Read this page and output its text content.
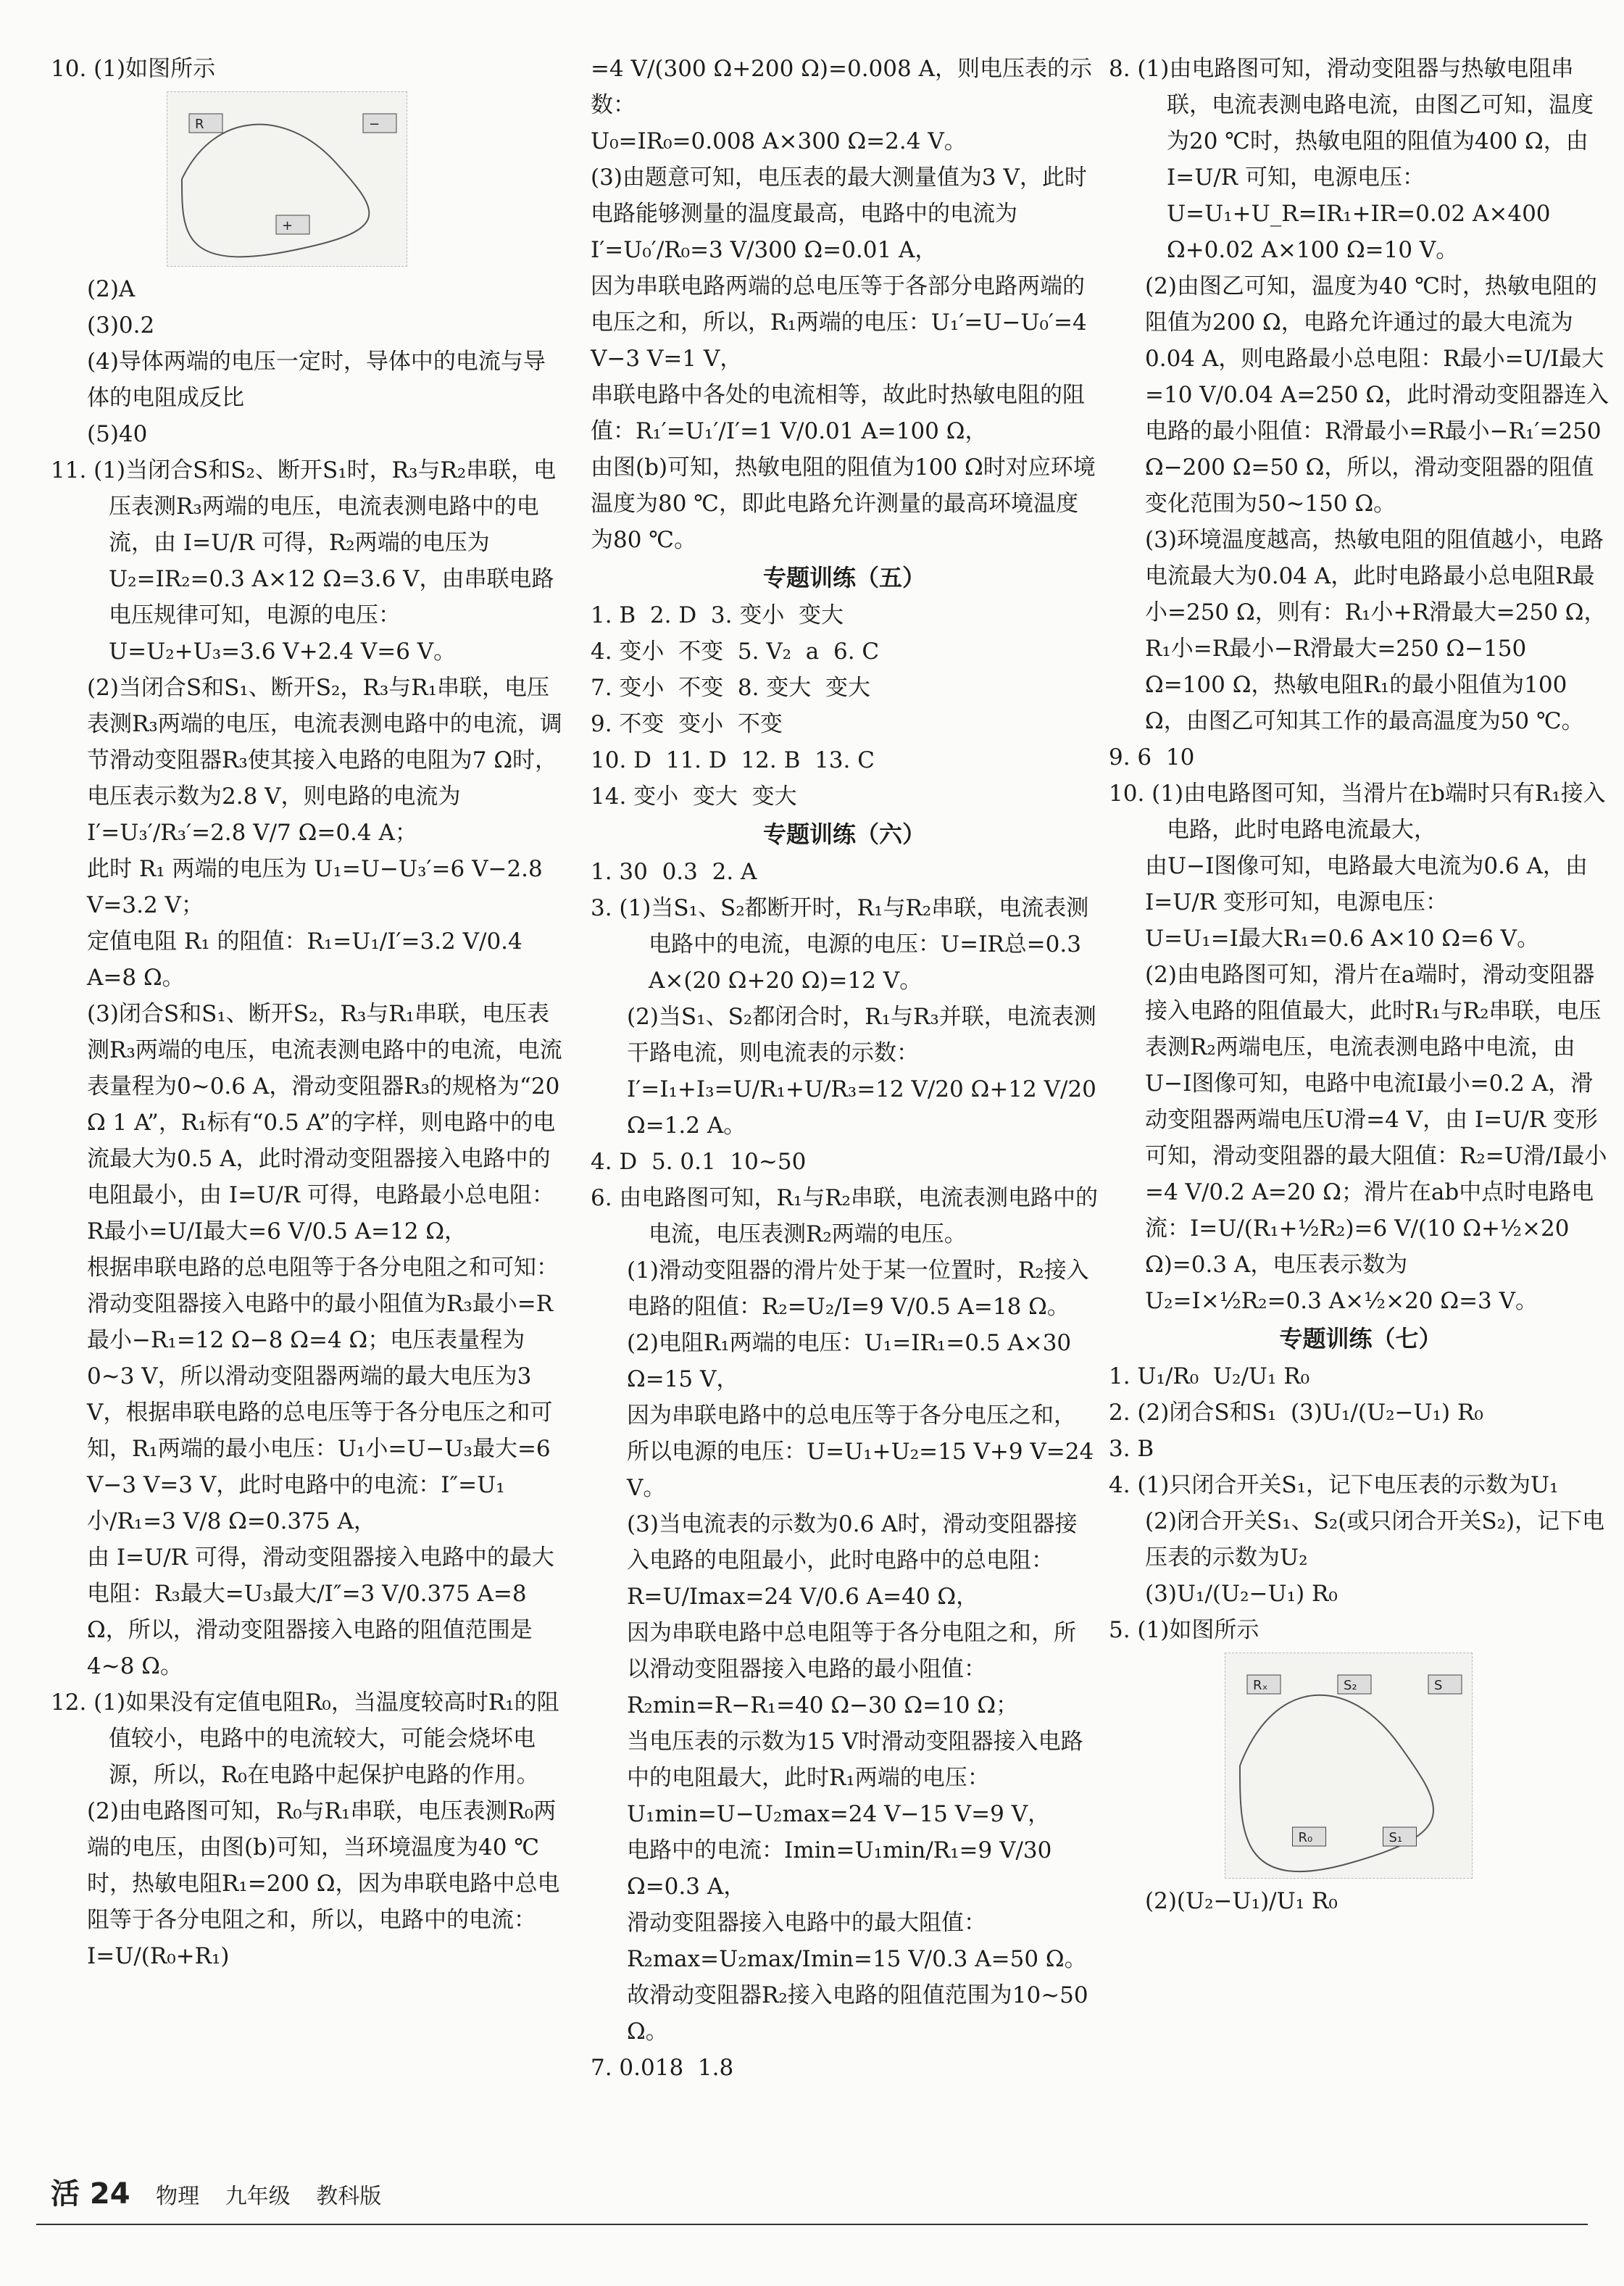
10. (1)如图所示

R
+
−

(2)A

(3)0.2

(4)导体两端的电压一定时，导体中的电流与导体的电阻成反比

(5)40

11. (1)当闭合S和S₂、断开S₁时，R₃与R₂串联，电压表测R₃两端的电压，电流表测电路中的电流，由 I=U/R 可得，R₂两端的电压为U₂=IR₂=0.3 A×12 Ω=3.6 V，由串联电路电压规律可知，电源的电压：U=U₂+U₃=3.6 V+2.4 V=6 V。

(2)当闭合S和S₁、断开S₂，R₃与R₁串联，电压表测R₃两端的电压，电流表测电路中的电流，调节滑动变阻器R₃使其接入电路的电阻为7 Ω时，电压表示数为2.8 V，则电路的电流为 I′=U₃′/R₃′=2.8 V/7 Ω=0.4 A；

此时 R₁ 两端的电压为 U₁=U−U₃′=6 V−2.8 V=3.2 V；

定值电阻 R₁ 的阻值：R₁=U₁/I′=3.2 V/0.4 A=8 Ω。

(3)闭合S和S₁、断开S₂，R₃与R₁串联，电压表测R₃两端的电压，电流表测电路中的电流，电流表量程为0~0.6 A，滑动变阻器R₃的规格为“20 Ω 1 A”，R₁标有“0.5 A”的字样，则电路中的电流最大为0.5 A，此时滑动变阻器接入电路中的电阻最小，由 I=U/R 可得，电路最小总电阻：R最小=U/I最大=6 V/0.5 A=12 Ω，

根据串联电路的总电阻等于各分电阻之和可知：滑动变阻器接入电路中的最小阻值为R₃最小=R最小−R₁=12 Ω−8 Ω=4 Ω；电压表量程为0~3 V，所以滑动变阻器两端的最大电压为3 V，根据串联电路的总电压等于各分电压之和可知，R₁两端的最小电压：U₁小=U−U₃最大=6 V−3 V=3 V，此时电路中的电流：I″=U₁小/R₁=3 V/8 Ω=0.375 A，

由 I=U/R 可得，滑动变阻器接入电路中的最大电阻：R₃最大=U₃最大/I″=3 V/0.375 A=8 Ω，所以，滑动变阻器接入电路的阻值范围是4~8 Ω。

12. (1)如果没有定值电阻R₀，当温度较高时R₁的阻值较小，电路中的电流较大，可能会烧坏电源，所以，R₀在电路中起保护电路的作用。

(2)由电路图可知，R₀与R₁串联，电压表测R₀两端的电压，由图(b)可知，当环境温度为40 ℃时，热敏电阻R₁=200 Ω，因为串联电路中总电阻等于各分电阻之和，所以，电路中的电流：I=U/(R₀+R₁)

=4 V/(300 Ω+200 Ω)=0.008 A，则电压表的示数：

U₀=IR₀=0.008 A×300 Ω=2.4 V。

(3)由题意可知，电压表的最大测量值为3 V，此时电路能够测量的温度最高，电路中的电流为 I′=U₀′/R₀=3 V/300 Ω=0.01 A，

因为串联电路两端的总电压等于各部分电路两端的电压之和，所以，R₁两端的电压：U₁′=U−U₀′=4 V−3 V=1 V，

串联电路中各处的电流相等，故此时热敏电阻的阻值：R₁′=U₁′/I′=1 V/0.01 A=100 Ω，

由图(b)可知，热敏电阻的阻值为100 Ω时对应环境温度为80 ℃，即此电路允许测量的最高环境温度为80 ℃。

专题训练（五）

1. B  2. D  3. 变小  变大

4. 变小  不变  5. V₂  a  6. C

7. 变小  不变  8. 变大  变大

9. 不变  变小  不变

10. D  11. D  12. B  13. C

14. 变小  变大  变大

专题训练（六）

1. 30  0.3  2. A

3. (1)当S₁、S₂都断开时，R₁与R₂串联，电流表测电路中的电流，电源的电压：U=IR总=0.3 A×(20 Ω+20 Ω)=12 V。

(2)当S₁、S₂都闭合时，R₁与R₃并联，电流表测干路电流，则电流表的示数：I′=I₁+I₃=U/R₁+U/R₃=12 V/20 Ω+12 V/20 Ω=1.2 A。

4. D  5. 0.1  10~50

6. 由电路图可知，R₁与R₂串联，电流表测电路中的电流，电压表测R₂两端的电压。

(1)滑动变阻器的滑片处于某一位置时，R₂接入电路的阻值：R₂=U₂/I=9 V/0.5 A=18 Ω。

(2)电阻R₁两端的电压：U₁=IR₁=0.5 A×30 Ω=15 V，

因为串联电路中的总电压等于各分电压之和，所以电源的电压：U=U₁+U₂=15 V+9 V=24 V。

(3)当电流表的示数为0.6 A时，滑动变阻器接入电路的电阻最小，此时电路中的总电阻：R=U/Imax=24 V/0.6 A=40 Ω，

因为串联电路中总电阻等于各分电阻之和，所以滑动变阻器接入电路的最小阻值：R₂min=R−R₁=40 Ω−30 Ω=10 Ω；

当电压表的示数为15 V时滑动变阻器接入电路中的电阻最大，此时R₁两端的电压：U₁min=U−U₂max=24 V−15 V=9 V，

电路中的电流：Imin=U₁min/R₁=9 V/30 Ω=0.3 A，

滑动变阻器接入电路中的最大阻值：R₂max=U₂max/Imin=15 V/0.3 A=50 Ω。故滑动变阻器R₂接入电路的阻值范围为10~50 Ω。

7. 0.018  1.8

8. (1)由电路图可知，滑动变阻器与热敏电阻串联，电流表测电路电流，由图乙可知，温度为20 ℃时，热敏电阻的阻值为400 Ω，由 I=U/R 可知，电源电压：U=U₁+U_R=IR₁+IR=0.02 A×400 Ω+0.02 A×100 Ω=10 V。

(2)由图乙可知，温度为40 ℃时，热敏电阻的阻值为200 Ω，电路允许通过的最大电流为0.04 A，则电路最小总电阻：R最小=U/I最大=10 V/0.04 A=250 Ω，此时滑动变阻器连入电路的最小阻值：R滑最小=R最小−R₁′=250 Ω−200 Ω=50 Ω，所以，滑动变阻器的阻值变化范围为50~150 Ω。

(3)环境温度越高，热敏电阻的阻值越小，电路电流最大为0.04 A，此时电路最小总电阻R最小=250 Ω，则有：R₁小+R滑最大=250 Ω，R₁小=R最小−R滑最大=250 Ω−150 Ω=100 Ω，热敏电阻R₁的最小阻值为100 Ω，由图乙可知其工作的最高温度为50 ℃。

9. 6  10

10. (1)由电路图可知，当滑片在b端时只有R₁接入电路，此时电路电流最大，

由U−I图像可知，电路最大电流为0.6 A，由 I=U/R 变形可知，电源电压：

U=U₁=I最大R₁=0.6 A×10 Ω=6 V。

(2)由电路图可知，滑片在a端时，滑动变阻器接入电路的阻值最大，此时R₁与R₂串联，电压表测R₂两端电压，电流表测电路中电流，由U−I图像可知，电路中电流I最小=0.2 A，滑动变阻器两端电压U滑=4 V，由 I=U/R 变形可知，滑动变阻器的最大阻值：R₂=U滑/I最小=4 V/0.2 A=20 Ω；滑片在ab中点时电路电流：I=U/(R₁+½R₂)=6 V/(10 Ω+½×20 Ω)=0.3 A，电压表示数为

U₂=I×½R₂=0.3 A×½×20 Ω=3 V。

专题训练（七）

1. U₁/R₀  U₂/U₁ R₀

2. (2)闭合S和S₁  (3)U₁/(U₂−U₁) R₀

3. B

4. (1)只闭合开关S₁，记下电压表的示数为U₁

(2)闭合开关S₁、S₂(或只闭合开关S₂)，记下电压表的示数为U₂

(3)U₁/(U₂−U₁) R₀

5. (1)如图所示

Rₓ
R₀
S₂
S₁
S

(2)(U₂−U₁)/U₁ R₀

活 24 物理 九年级 教科版
